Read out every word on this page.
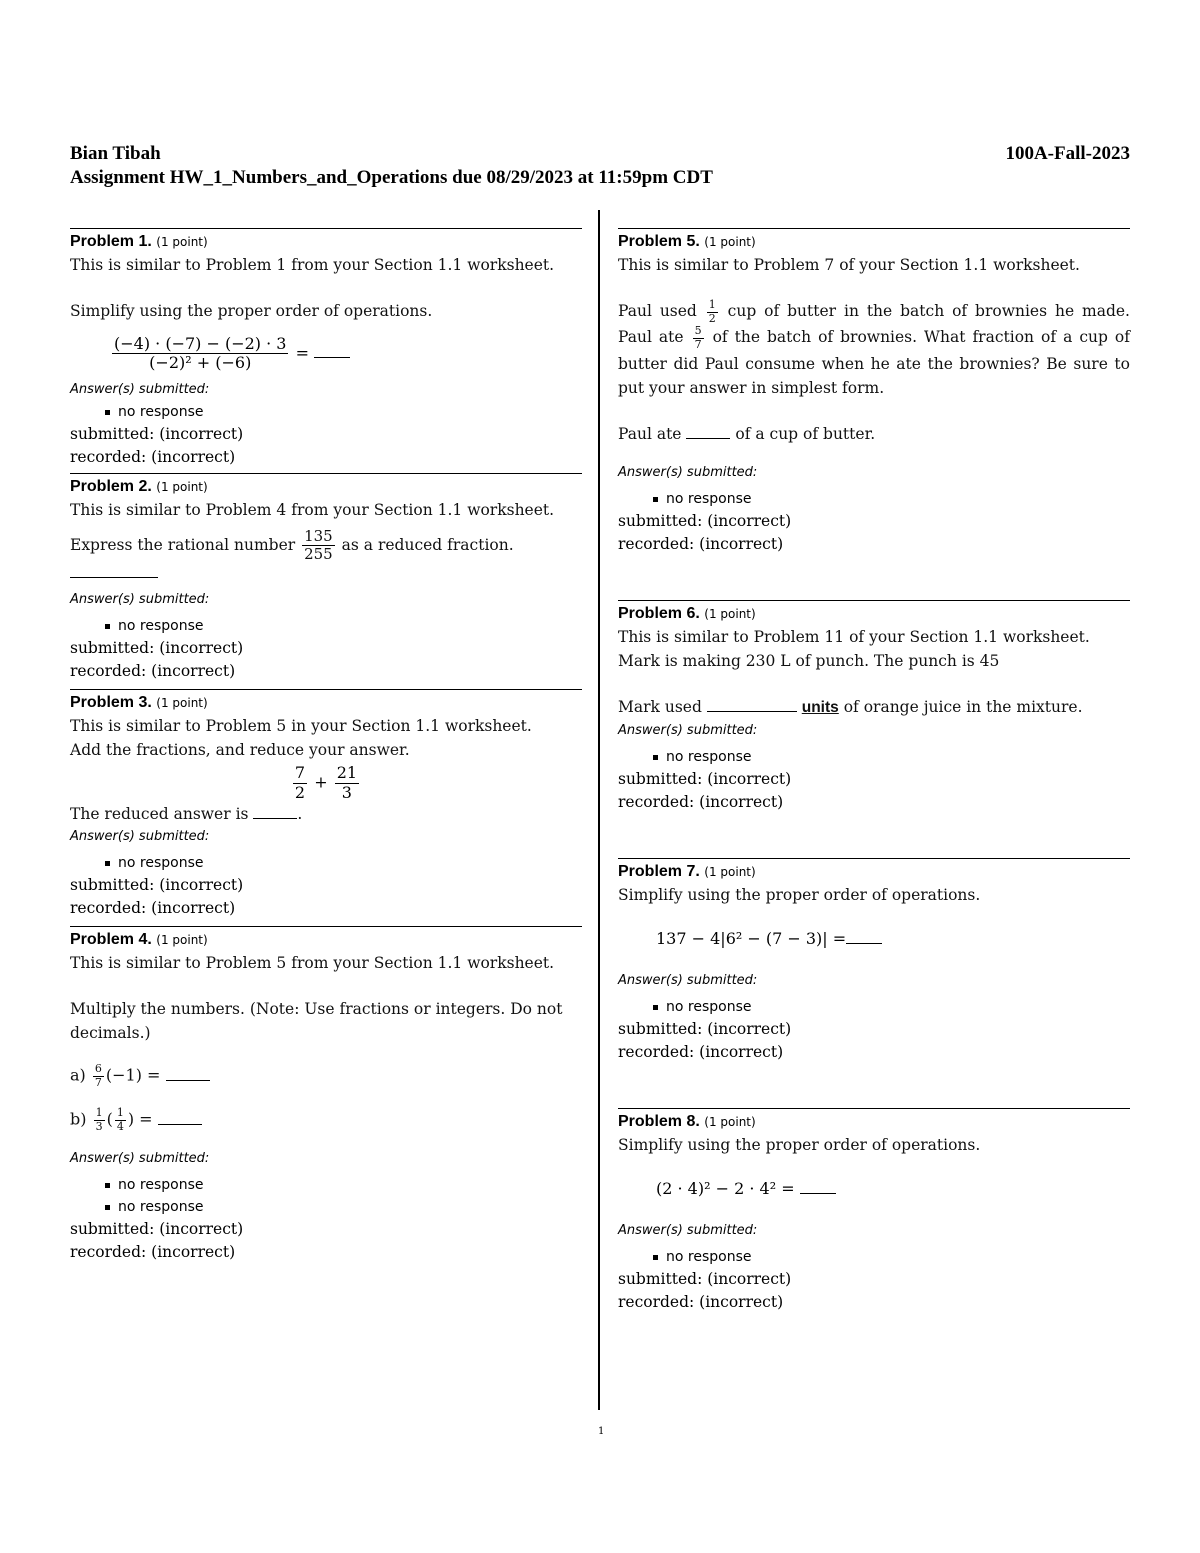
Bian Tibah	100A-Fall-2023
Assignment HW_1_Numbers_and_Operations due 08/29/2023 at 11:59pm CDT
Problem 1. (1 point)
This is similar to Problem 1 from your Section 1.1 worksheet.
Simplify using the proper order of operations.
$\frac{(-4) \cdot (-7) - (-2) \cdot 3}{\text{(−2)² + (−6)}}$ =
Answer(s) submitted:
no response
submitted: (incorrect)
recorded: (incorrect)
Problem 2. (1 point)
This is similar to Problem 4 from your Section 1.1 worksheet.
Express the rational number $\frac{135}{255}$ as a reduced fraction.
Answer(s) submitted:
no response
submitted: (incorrect)
recorded: (incorrect)
Problem 3. (1 point)
This is similar to Problem 5 in your Section 1.1 worksheet.
Add the fractions, and reduce your answer.
$\frac{7}{2} + \frac{21}{3}$
The reduced answer is	.
Answer(s) submitted:
no response
submitted: (incorrect)
recorded: (incorrect)
Problem 4. (1 point)
This is similar to Problem 5 from your Section 1.1 worksheet.
Multiply the numbers. (Note: Use fractions or integers. Do not decimals.)
$a) \frac{6}{7} (-1)$ =
$b) \frac{1}{3}$ ( $\frac{1}{4}$ ) =
Answer(s) submitted:
no response
no response
submitted: (incorrect)
recorded: (incorrect)
Problem 5. (1 point)
This is similar to Problem 7 of your Section 1.1 worksheet.
Paul used $\frac{1}{2}$ cup of butter in the batch of brownies he made. Paul ate $\frac{5}{7}$ of the batch of brownies. What fraction of a cup of butter did Paul consume when he ate the brownies? Be sure to put your answer in simplest form.
Paul ate	of a cup of butter.
Answer(s) submitted:
no response
submitted: (incorrect)
recorded: (incorrect)
Problem 6. (1 point)
This is similar to Problem 11 of your Section 1.1 worksheet.
Mark is making 230 L of punch. The punch is 45
Mark used	units of orange juice in the mixture.
Answer(s) submitted:
no response
submitted: (incorrect)
recorded: (incorrect)
Problem 7. (1 point)
Simplify using the proper order of operations.
137 − 4|6² − (7 − 3)| =
Answer(s) submitted:
no response
submitted: (incorrect)
recorded: (incorrect)
Problem 8. (1 point)
Simplify using the proper order of operations.
(2 · 4)² − 2 · 4² =
Answer(s) submitted:
no response
submitted: (incorrect)
recorded: (incorrect)
1
